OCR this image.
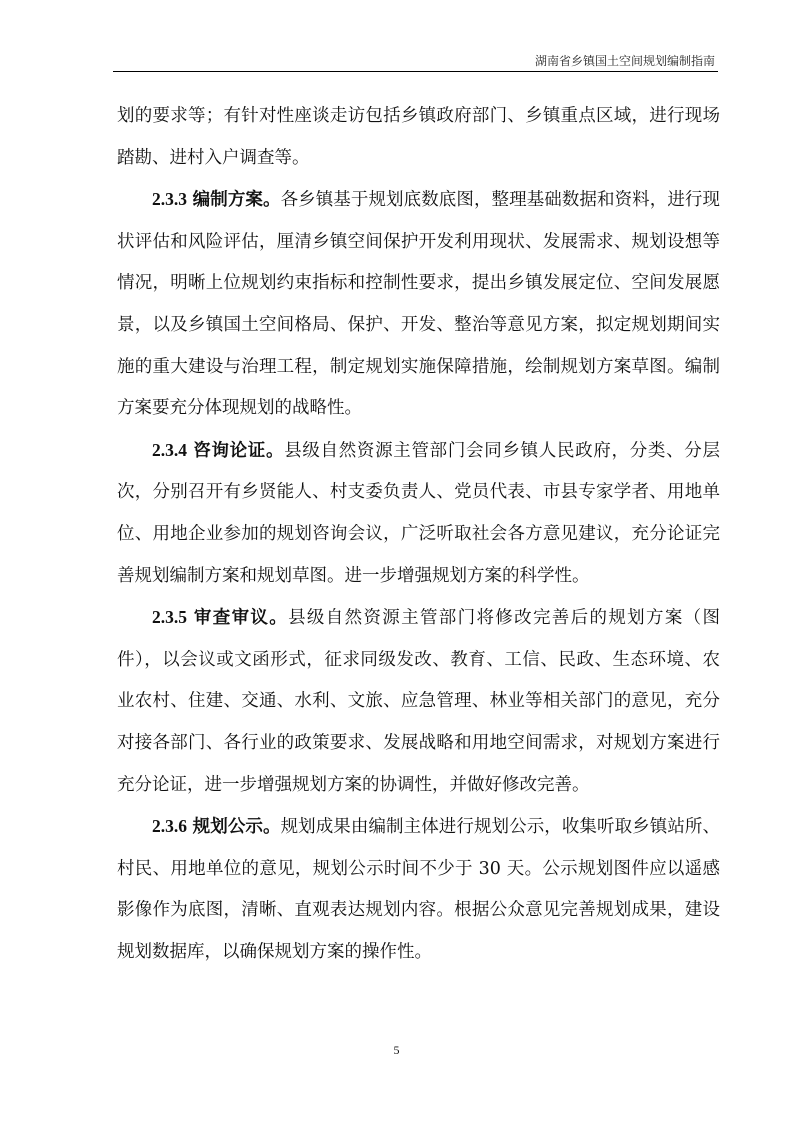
湖南省乡镇国土空间规划编制指南

划的要求等；有针对性座谈走访包括乡镇政府部门、乡镇重点区域，进行现场踏勘、进村入户调查等。

2.3.3 编制方案。各乡镇基于规划底数底图，整理基础数据和资料，进行现状评估和风险评估，厘清乡镇空间保护开发利用现状、发展需求、规划设想等情况，明晰上位规划约束指标和控制性要求，提出乡镇发展定位、空间发展愿景，以及乡镇国土空间格局、保护、开发、整治等意见方案，拟定规划期间实施的重大建设与治理工程，制定规划实施保障措施，绘制规划方案草图。编制方案要充分体现规划的战略性。

2.3.4 咨询论证。县级自然资源主管部门会同乡镇人民政府，分类、分层次，分别召开有乡贤能人、村支委负责人、党员代表、市县专家学者、用地单位、用地企业参加的规划咨询会议，广泛听取社会各方意见建议，充分论证完善规划编制方案和规划草图。进一步增强规划方案的科学性。

2.3.5 审查审议。县级自然资源主管部门将修改完善后的规划方案（图件），以会议或文函形式，征求同级发改、教育、工信、民政、生态环境、农业农村、住建、交通、水利、文旅、应急管理、林业等相关部门的意见，充分对接各部门、各行业的政策要求、发展战略和用地空间需求，对规划方案进行充分论证，进一步增强规划方案的协调性，并做好修改完善。

2.3.6 规划公示。规划成果由编制主体进行规划公示，收集听取乡镇站所、村民、用地单位的意见，规划公示时间不少于 30 天。公示规划图件应以遥感影像作为底图，清晰、直观表达规划内容。根据公众意见完善规划成果，建设规划数据库，以确保规划方案的操作性。

5
